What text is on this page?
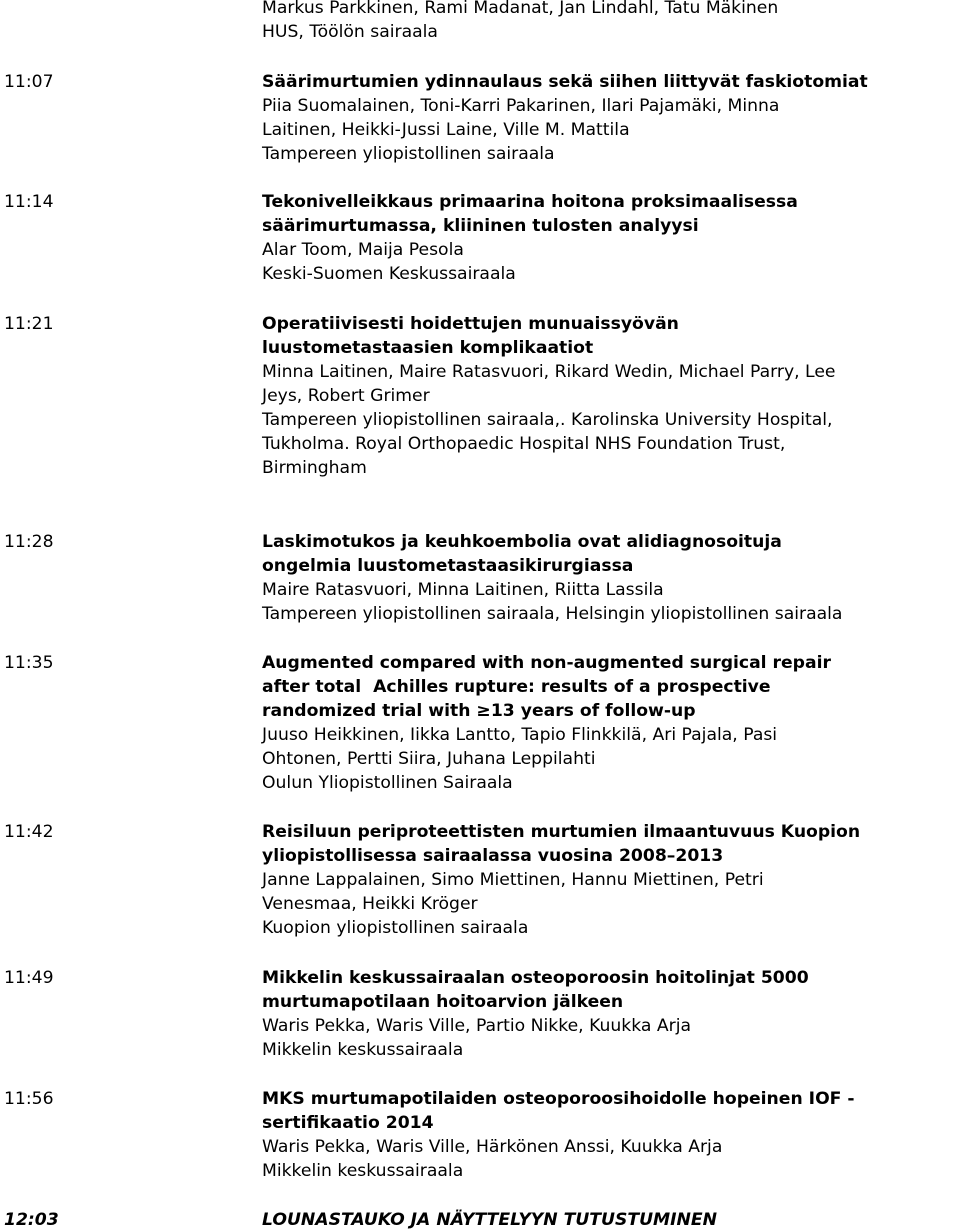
Markus Parkkinen, Rami Madanat, Jan Lindahl, Tatu Mäkinen
HUS, Töölön sairaala
11:07	Säärimurtumien ydinnaulaus sekä siihen liittyvät faskiotomiat
Piia Suomalainen, Toni-Karri Pakarinen, Ilari Pajamäki, Minna
Laitinen, Heikki-Jussi Laine, Ville M. Mattila
Tampereen yliopistollinen sairaala
11:14	Tekonivelleikkaus primaarina hoitona proksimaalisessa
säärimurtumassa, kliininen tulosten analyysi
Alar Toom, Maija Pesola
Keski-Suomen Keskussairaala
11:21	Operatiivisesti hoidettujen munuaissyövän
luustometastaasien komplikaatiot
Minna Laitinen, Maire Ratasvuori, Rikard Wedin, Michael Parry, Lee
Jeys, Robert Grimer
Tampereen yliopistollinen sairaala,. Karolinska University Hospital,
Tukholma. Royal Orthopaedic Hospital NHS Foundation Trust,
Birmingham
11:28	Laskimotukos ja keuhkoembolia ovat alidiagnosoituja
ongelmia luustometastaasikirurgiassa
Maire Ratasvuori, Minna Laitinen, Riitta Lassila
Tampereen yliopistollinen sairaala, Helsingin yliopistollinen sairaala
11:35	Augmented compared with non-augmented surgical repair
after total  Achilles rupture: results of a prospective
randomized trial with ≥13 years of follow-up
Juuso Heikkinen, Iikka Lantto, Tapio Flinkkilä, Ari Pajala, Pasi
Ohtonen, Pertti Siira, Juhana Leppilahti
Oulun Yliopistollinen Sairaala
11:42	Reisiluun periproteettisten murtumien ilmaantuvuus Kuopion
yliopistollisessa sairaalassa vuosina 2008–2013
Janne Lappalainen, Simo Miettinen, Hannu Miettinen, Petri
Venesmaa, Heikki Kröger
Kuopion yliopistollinen sairaala
11:49	Mikkelin keskussairaalan osteoporoosin hoitolinjat 5000
murtumapotilaan hoitoarvion jälkeen
Waris Pekka, Waris Ville, Partio Nikke, Kuukka Arja
Mikkelin keskussairaala
11:56	MKS murtumapotilaiden osteoporoosihoidolle hopeinen IOF -
sertifikaatio 2014
Waris Pekka, Waris Ville, Härkönen Anssi, Kuukka Arja
Mikkelin keskussairaala
12:03	LOUNASTAUKO JA NÄYTTELYYN TUTUSTUMINEN
